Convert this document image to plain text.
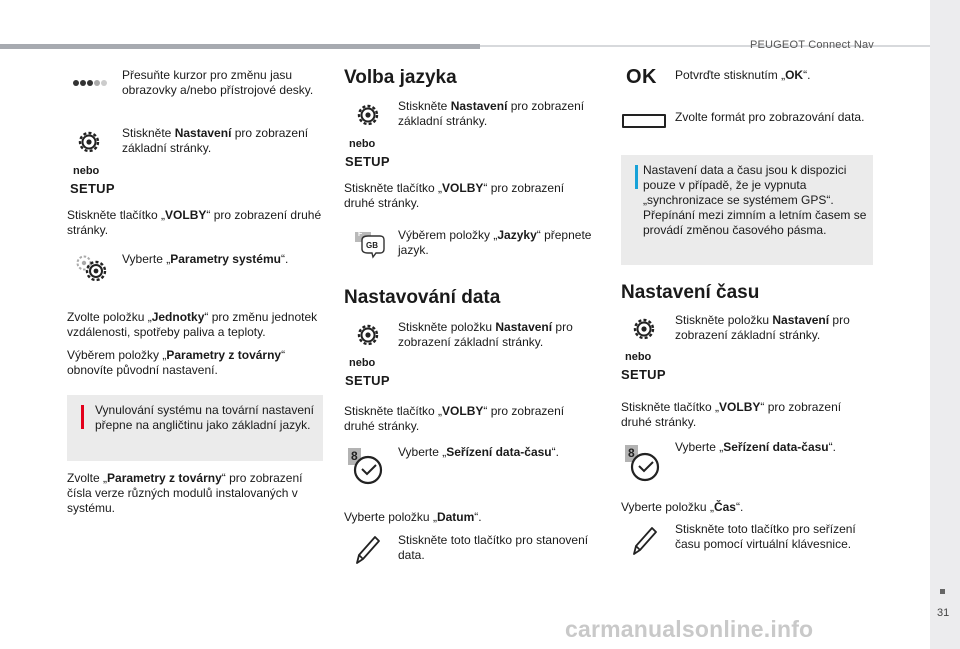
PEUGEOT Connect Nav
31
carmanualsonline.info

Přesuňte kurzor pro změnu jasu obrazovky a/nebo přístrojové desky.

nebo
SETUP

Stiskněte Nastavení pro zobrazení základní stránky.

Stiskněte tlačítko „VOLBY“ pro zobrazení druhé stránky.

Vyberte „Parametry systému“.

Zvolte položku „Jednotky“ pro změnu jednotek vzdálenosti, spotřeby paliva a teploty.

Výběrem položky „Parametry z továrny“ obnovíte původní nastavení.

Vynulování systému na tovární nastavení přepne na angličtinu jako základní jazyk.

Zvolte „Parametry z továrny“ pro zobrazení čísla verze různých modulů instalovaných v systému.

Volba jazyka
nebo
SETUP

Stiskněte Nastavení pro zobrazení základní stránky.

Stiskněte tlačítko „VOLBY“ pro zobrazení druhé stránky.

F
GB

Výběrem položky „Jazyky“ přepnete jazyk.

Nastavování data
nebo
SETUP

Stiskněte položku Nastavení pro zobrazení základní stránky.

Stiskněte tlačítko „VOLBY“ pro zobrazení druhé stránky.

8	Vyberte „Seřízení data-času“.

Vyberte položku „Datum“.

Stiskněte toto tlačítko pro stanovení data.

OK Potvrďte stisknutím „OK“.

Zvolte formát pro zobrazování data.

Nastavení data a času jsou k dispozici pouze v případě, že je vypnuta „synchronizace se systémem GPS“. Přepínání mezi zimním a letním časem se provádí změnou časového pásma.

Nastavení času
nebo
SETUP

Stiskněte položku Nastavení pro zobrazení základní stránky.

Stiskněte tlačítko „VOLBY“ pro zobrazení druhé stránky.

8	Vyberte „Seřízení data-času“.

Vyberte položku „Čas“.

Stiskněte toto tlačítko pro seřízení času pomocí virtuální klávesnice.
